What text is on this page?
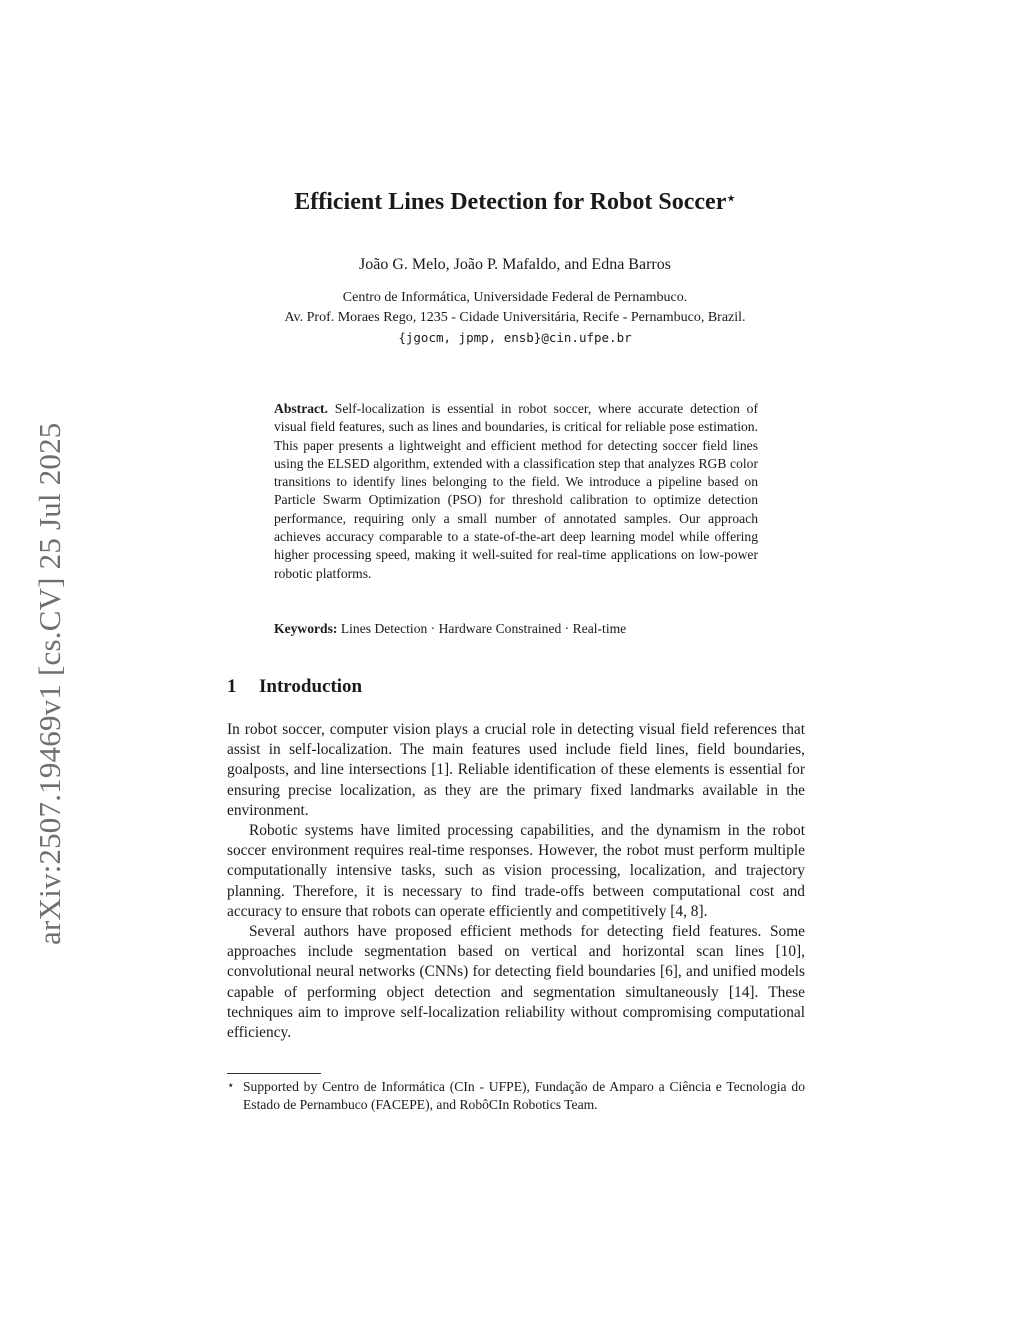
arXiv:2507.19469v1 [cs.CV] 25 Jul 2025
Efficient Lines Detection for Robot Soccer⋆
João G. Melo, João P. Mafaldo, and Edna Barros
Centro de Informática, Universidade Federal de Pernambuco.
Av. Prof. Moraes Rego, 1235 - Cidade Universitária, Recife - Pernambuco, Brazil.
{jgocm, jpmp, ensb}@cin.ufpe.br
Abstract. Self-localization is essential in robot soccer, where accurate detection of visual field features, such as lines and boundaries, is critical for reliable pose estimation. This paper presents a lightweight and efficient method for detecting soccer field lines using the ELSED algorithm, extended with a classification step that analyzes RGB color transitions to identify lines belonging to the field. We introduce a pipeline based on Particle Swarm Optimization (PSO) for threshold calibration to optimize detection performance, requiring only a small number of annotated samples. Our approach achieves accuracy comparable to a state-of-the-art deep learning model while offering higher processing speed, making it well-suited for real-time applications on low-power robotic platforms.
Keywords: Lines Detection · Hardware Constrained · Real-time
1 Introduction

In robot soccer, computer vision plays a crucial role in detecting visual field references that assist in self-localization. The main features used include field lines, field boundaries, goalposts, and line intersections [1]. Reliable identification of these elements is essential for ensuring precise localization, as they are the primary fixed landmarks available in the environment.

Robotic systems have limited processing capabilities, and the dynamism in the robot soccer environment requires real-time responses. However, the robot must perform multiple computationally intensive tasks, such as vision processing, localization, and trajectory planning. Therefore, it is necessary to find trade-offs between computational cost and accuracy to ensure that robots can operate efficiently and competitively [4, 8].

Several authors have proposed efficient methods for detecting field features. Some approaches include segmentation based on vertical and horizontal scan lines [10], convolutional neural networks (CNNs) for detecting field boundaries [6], and unified models capable of performing object detection and segmentation simultaneously [14]. These techniques aim to improve self-localization reliability without compromising computational efficiency.

⋆ Supported by Centro de Informática (CIn - UFPE), Fundação de Amparo a Ciência e Tecnologia do Estado de Pernambuco (FACEPE), and RobôCIn Robotics Team.
